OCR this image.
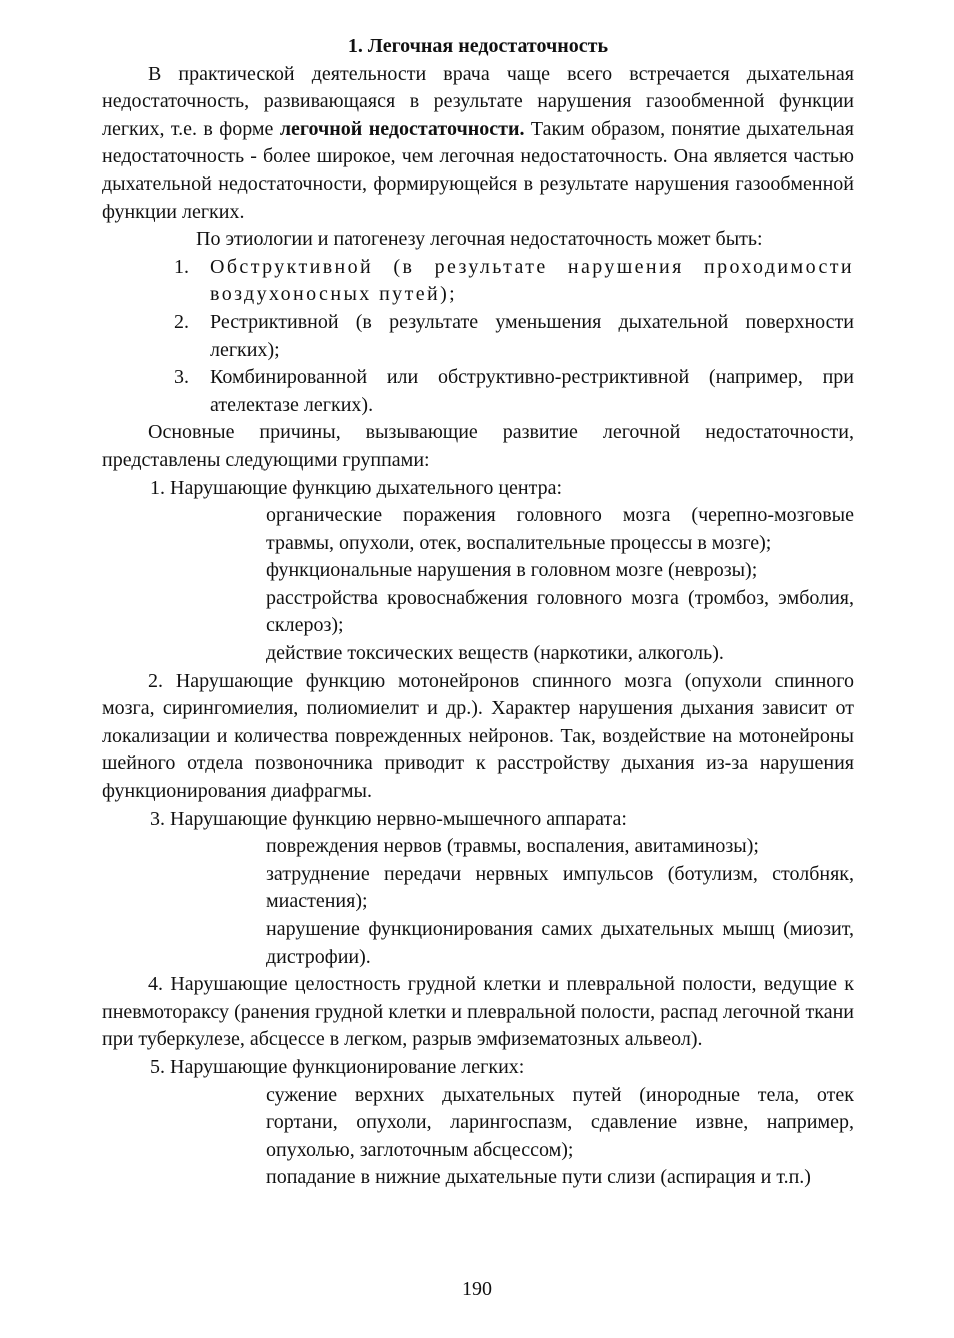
1. Легочная недостаточность

В практической деятельности врача чаще всего встречается дыхательная недостаточность, развивающаяся в результате нарушения газообменной функции легких, т.е. в форме легочной недостаточности. Таким образом, понятие дыхательная недостаточность - более широкое, чем легочная недостаточность. Она является частью дыхательной недостаточности, формирующейся в результате нарушения газообменной функции легких.

По этиологии и патогенезу легочная недостаточность может быть:

1. Обструктивной (в результате нарушения проходимости воздухоносных путей);

2. Рестриктивной (в результате уменьшения дыхательной поверхности легких);

3. Комбинированной или обструктивно-рестриктивной (например, при ателектазе легких).

Основные причины, вызывающие развитие легочной недостаточности, представлены следующими группами:

1. Нарушающие функцию дыхательного центра:

органические поражения головного мозга (черепно-мозговые травмы, опухоли, отек, воспалительные процессы в мозге);

функциональные нарушения в головном мозге (неврозы);

расстройства кровоснабжения головного мозга (тромбоз, эмболия, склероз);

действие токсических веществ (наркотики, алкоголь).

2. Нарушающие функцию мотонейронов спинного мозга (опухоли спинного мозга, сирингомиелия, полиомиелит и др.). Характер нарушения дыхания зависит от локализации и количества поврежденных нейронов. Так, воздействие на мотонейроны шейного отдела позвоночника приводит к расстройству дыхания из-за нарушения функционирования диафрагмы.

3. Нарушающие функцию нервно-мышечного аппарата:

повреждения нервов (травмы, воспаления, авитаминозы);

затруднение передачи нервных импульсов (ботулизм, столбняк, миастения);

нарушение функционирования самих дыхательных мышц (миозит, дистрофии).

4. Нарушающие целостность грудной клетки и плевральной полости, ведущие к пневмотораксу (ранения грудной клетки и плевральной полости, распад легочной ткани при туберкулезе, абсцессе в легком, разрыв эмфизематозных альвеол).

5. Нарушающие функционирование легких:

сужение верхних дыхательных путей (инородные тела, отек гортани, опухоли, ларингоспазм, сдавление извне, например, опухолью, заглоточным абсцессом);

попадание в нижние дыхательные пути слизи (аспирация и т.п.)

190
